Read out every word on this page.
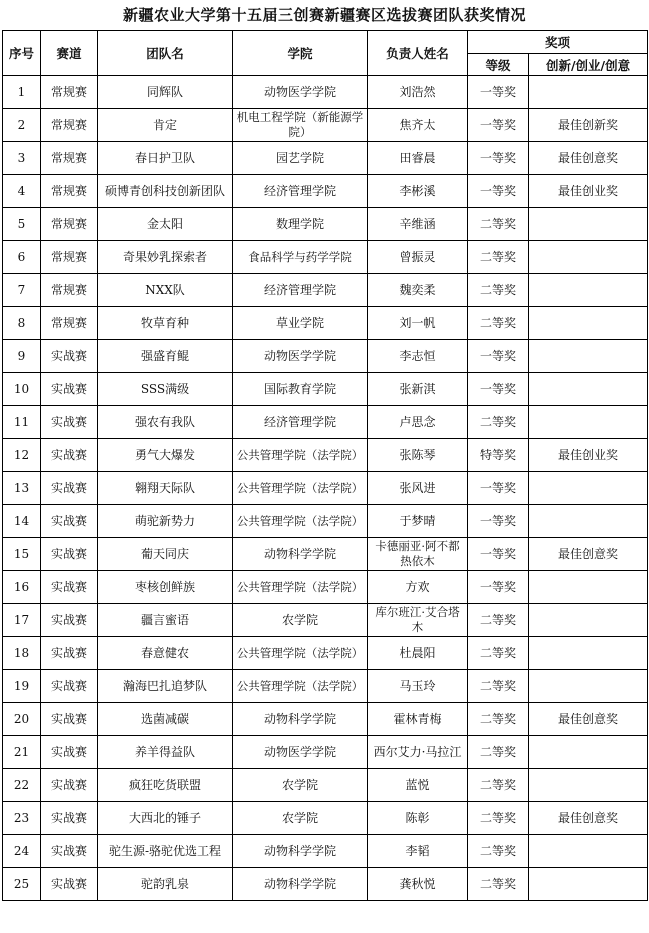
新疆农业大学第十五届三创赛新疆赛区选拔赛团队获奖情况
序号	赛道	团队名	学院	负责人姓名	奖项	
					等级	创新/创业/创意
1	常规赛	同辉队	动物医学学院	刘浩然	一等奖	
2	常规赛	肯定	机电工程学院（新能源学院）	焦齐太	一等奖	最佳创新奖
3	常规赛	春日护卫队	园艺学院	田睿晨	一等奖	最佳创意奖
4	常规赛	硕博青创科技创新团队	经济管理学院	李彬溪	一等奖	最佳创业奖
5	常规赛	金太阳	数理学院	辛维涵	二等奖	
6	常规赛	奇果妙乳探索者	食品科学与药学学院	曾振灵	二等奖	
7	常规赛	NXX队	经济管理学院	魏奕柔	二等奖	
8	常规赛	牧草育种	草业学院	刘一帆	二等奖	
9	实战赛	强盛育鲲	动物医学学院	李志恒	一等奖	
10	实战赛	SSS满级	国际教育学院	张新淇	一等奖	
11	实战赛	强农有我队	经济管理学院	卢思念	二等奖	
12	实战赛	勇气大爆发	公共管理学院（法学院）	张陈琴	特等奖	最佳创业奖
13	实战赛	翱翔天际队	公共管理学院（法学院）	张风进	一等奖	
14	实战赛	萌驼新势力	公共管理学院（法学院）	于梦晴	一等奖	
15	实战赛	葡天同庆	动物科学学院	卡德丽亚·阿不都热依木	一等奖	最佳创意奖
16	实战赛	枣核创鲜族	公共管理学院（法学院）	方欢	一等奖	
17	实战赛	疆言蜜语	农学院	库尔班江·艾合塔木	二等奖	
18	实战赛	春意健农	公共管理学院（法学院）	杜晨阳	二等奖	
19	实战赛	瀚海巴扎追梦队	公共管理学院（法学院）	马玉玲	二等奖	
20	实战赛	选菌减碳	动物科学学院	霍林青梅	二等奖	最佳创意奖
21	实战赛	养羊得益队	动物医学学院	西尔艾力·马拉江	二等奖	
22	实战赛	疯狂吃货联盟	农学院	蓝悦	二等奖	
23	实战赛	大西北的锤子	农学院	陈彰	二等奖	最佳创意奖
24	实战赛	驼生源-骆驼优选工程	动物科学学院	李韬	二等奖	
25	实战赛	驼韵乳泉	动物科学学院	龚秋悦	二等奖	
